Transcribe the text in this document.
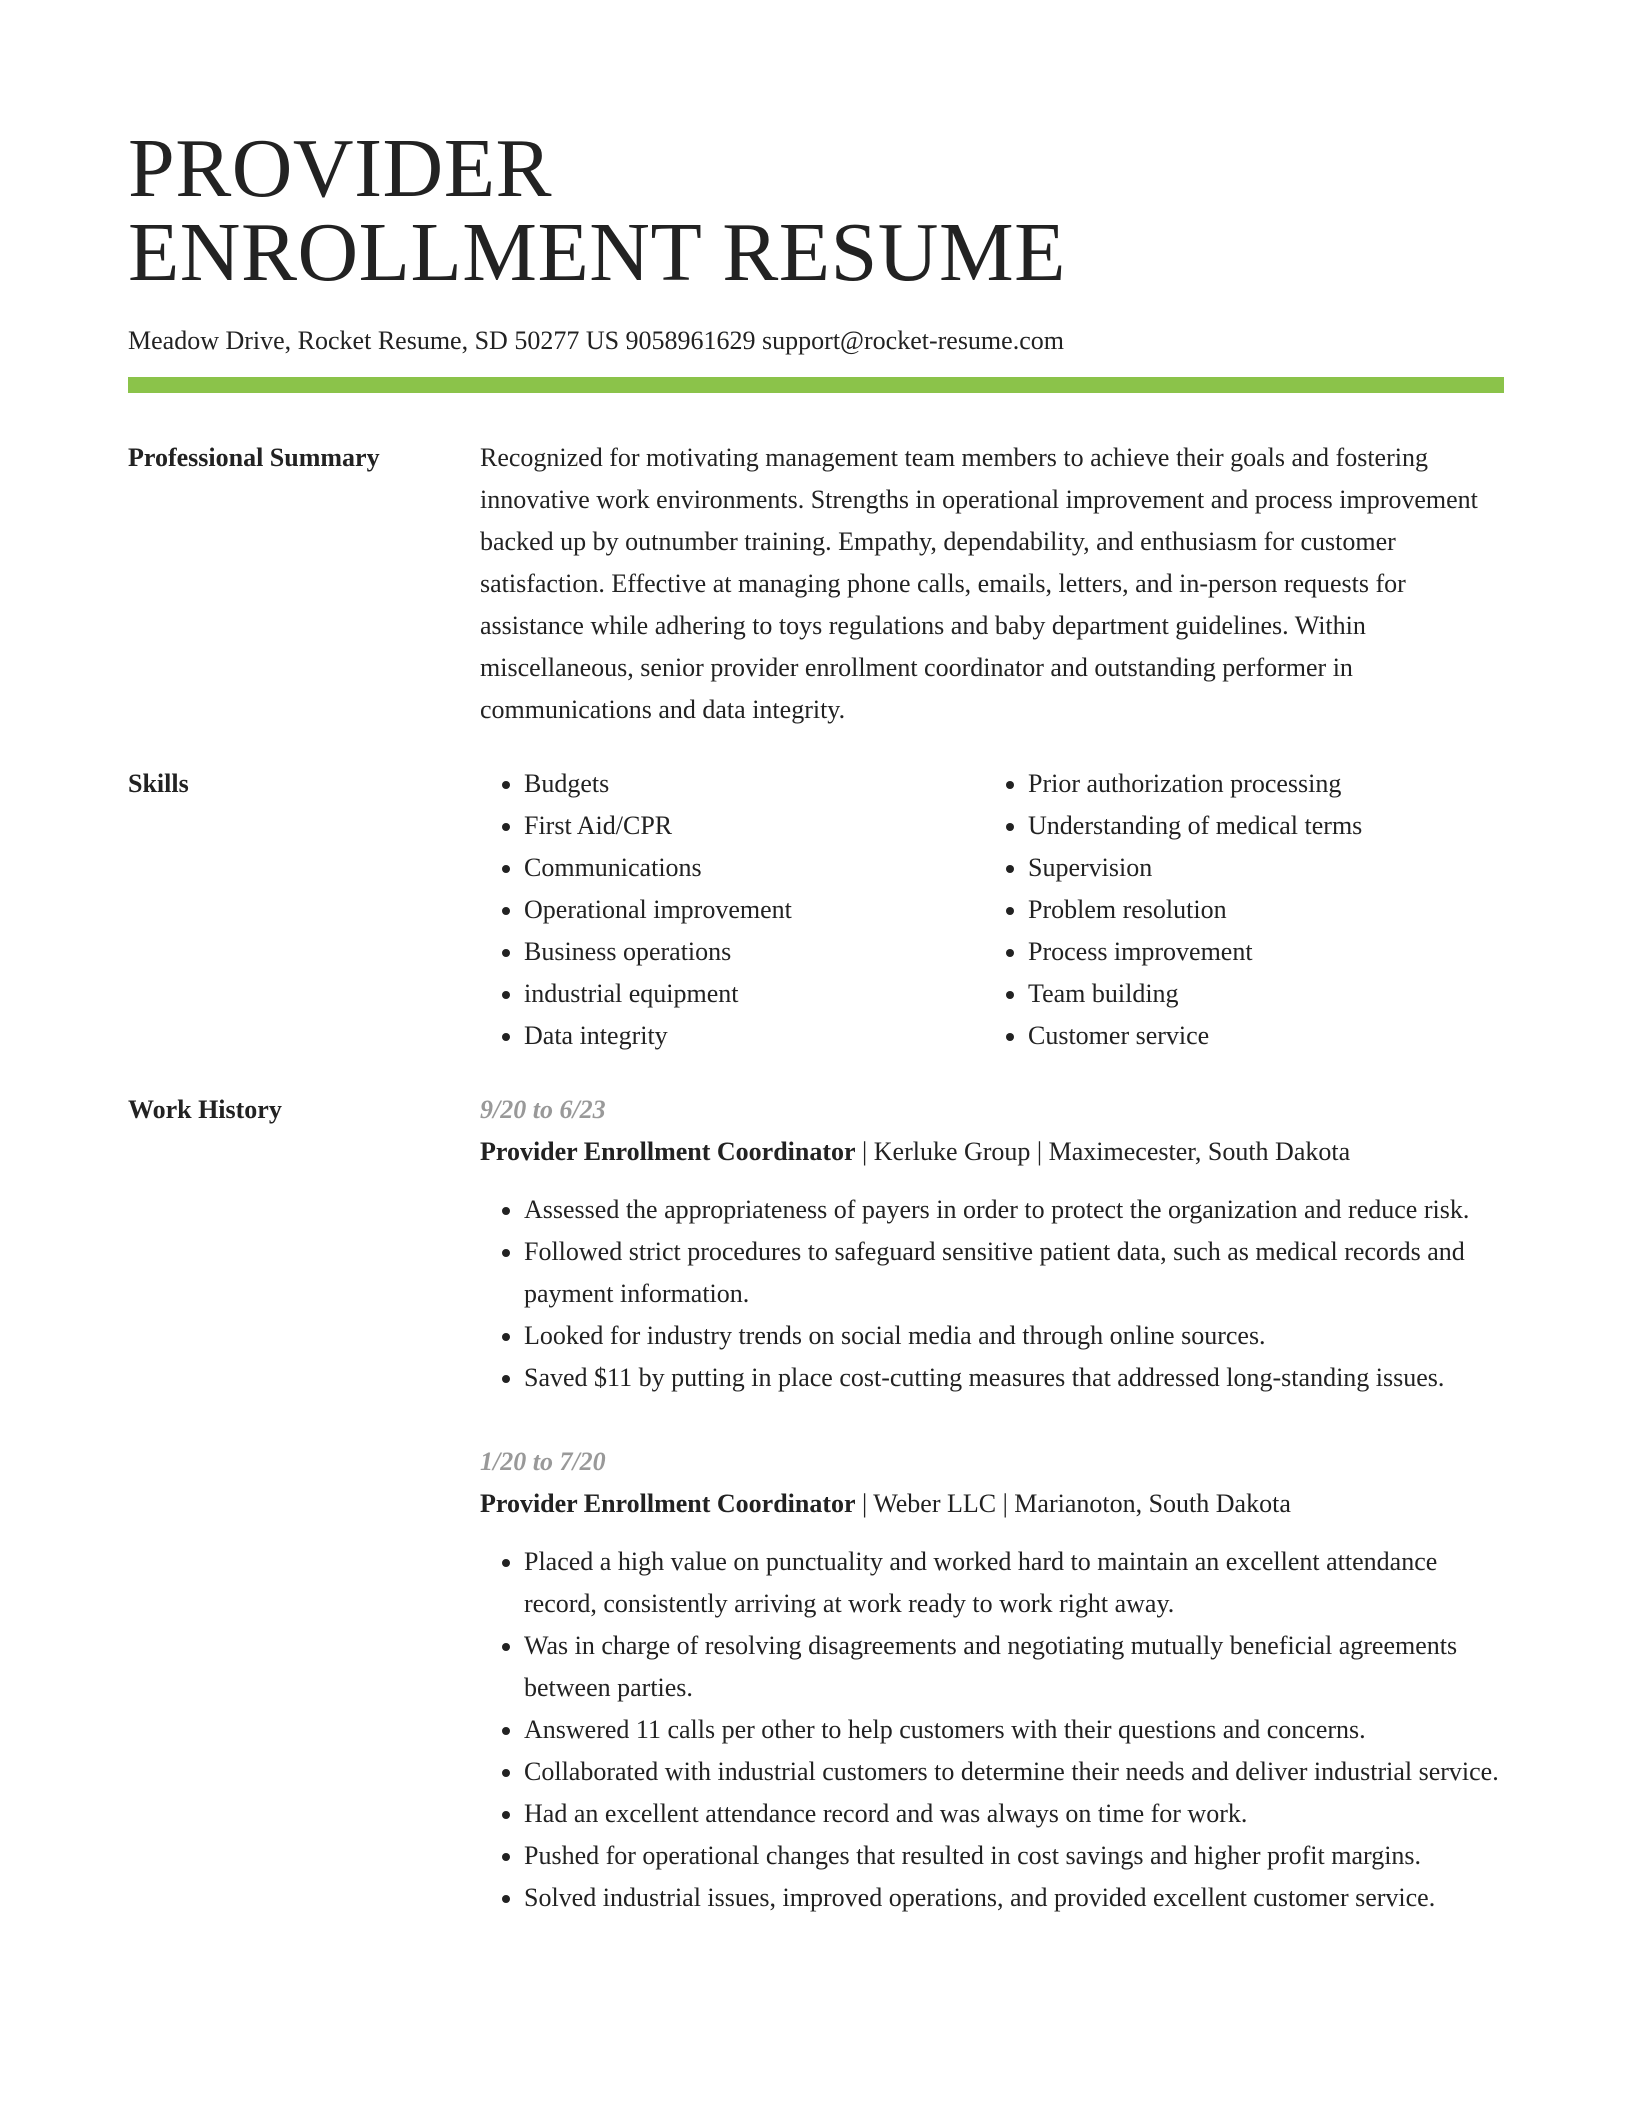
PROVIDER
ENROLLMENT RESUME
Meadow Drive, Rocket Resume, SD 50277 US 9058961629 support@rocket-resume.com
Professional Summary	Recognized for motivating management team members to achieve their goals and fostering innovative work environments. Strengths in operational improvement and process improvement backed up by outnumber training. Empathy, dependability, and enthusiasm for customer satisfaction. Effective at managing phone calls, emails, letters, and in-person requests for assistance while adhering to toys regulations and baby department guidelines. Within miscellaneous, senior provider enrollment coordinator and outstanding performer in communications and data integrity.

Skills
•	Budgets
• First Aid/CPR
• Communications
• Operational improvement
• Business operations
• industrial equipment
• Data integrity
• Prior authorization processing
• Understanding of medical terms
• Supervision
• Problem resolution
• Process improvement
• Team building
• Customer service
Work History	9/20 to 6/23
Provider Enrollment Coordinator | Kerluke Group | Maximecester, South Dakota
• Assessed the appropriateness of payers in order to protect the organization and reduce risk.
• Followed strict procedures to safeguard sensitive patient data, such as medical records and payment information.
• Looked for industry trends on social media and through online sources.
• Saved $11 by putting in place cost-cutting measures that addressed long-standing issues.
1/20 to 7/20
Provider Enrollment Coordinator | Weber LLC | Marianoton, South Dakota
• Placed a high value on punctuality and worked hard to maintain an excellent attendance record, consistently arriving at work ready to work right away.
• Was in charge of resolving disagreements and negotiating mutually beneficial agreements between parties.
• Answered 11 calls per other to help customers with their questions and concerns.
• Collaborated with industrial customers to determine their needs and deliver industrial service.
• Had an excellent attendance record and was always on time for work.
• Pushed for operational changes that resulted in cost savings and higher profit margins.
• Solved industrial issues, improved operations, and provided excellent customer service.
